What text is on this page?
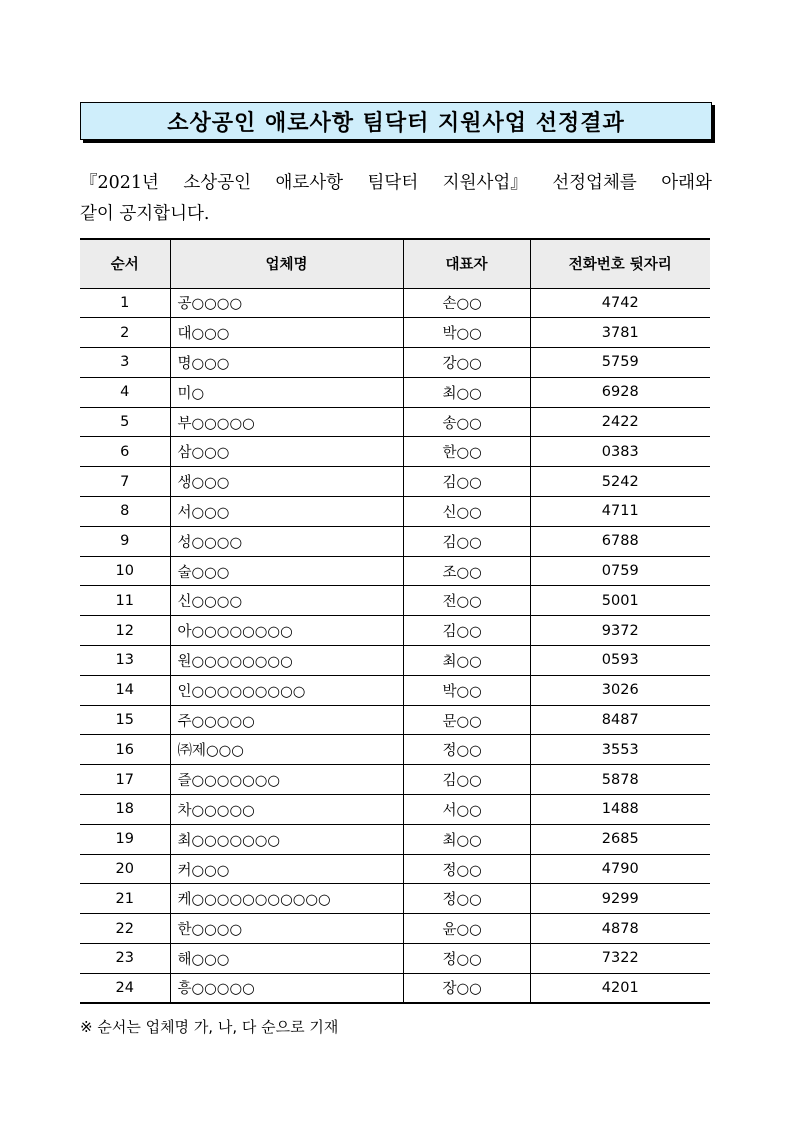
소상공인 애로사항 팀닥터 지원사업 선정결과
『2021년 소상공인 애로사항 팀닥터 지원사업』 선정업체를 아래와
같이 공지합니다.
순서	업체명	대표자	전화번호 뒷자리
1	공○○○○	손○○	4742
2	대○○○	박○○	3781
3	명○○○	강○○	5759
4	미○	최○○	6928
5	부○○○○○	송○○	2422
6	삼○○○	한○○	0383
7	생○○○	김○○	5242
8	서○○○	신○○	4711
9	성○○○○	김○○	6788
10	술○○○	조○○	0759
11	신○○○○	전○○	5001
12	아○○○○○○○○	김○○	9372
13	원○○○○○○○○	최○○	0593
14	인○○○○○○○○○	박○○	3026
15	주○○○○○	문○○	8487
16	㈜제○○○	정○○	3553
17	즐○○○○○○○	김○○	5878
18	차○○○○○	서○○	1488
19	최○○○○○○○	최○○	2685
20	커○○○	정○○	4790
21	케○○○○○○○○○○○	정○○	9299
22	한○○○○	윤○○	4878
23	해○○○	정○○	7322
24	흥○○○○○	장○○	4201
※ 순서는 업체명 가, 나, 다 순으로 기재
